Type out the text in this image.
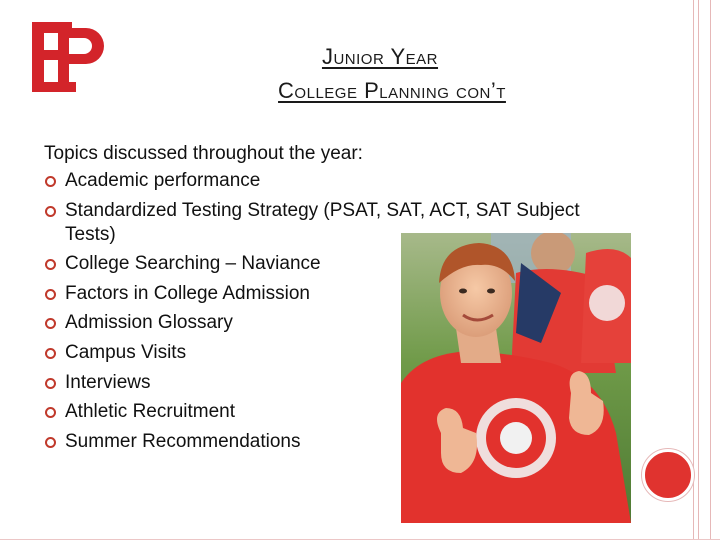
Junior Year
College Planning con’t

Topics discussed throughout the year:

Academic performance
Standardized Testing Strategy (PSAT, SAT, ACT, SAT Subject Tests)
College Searching – Naviance
Factors in College Admission
Admission Glossary
Campus Visits
Interviews
Athletic Recruitment
Summer Recommendations
